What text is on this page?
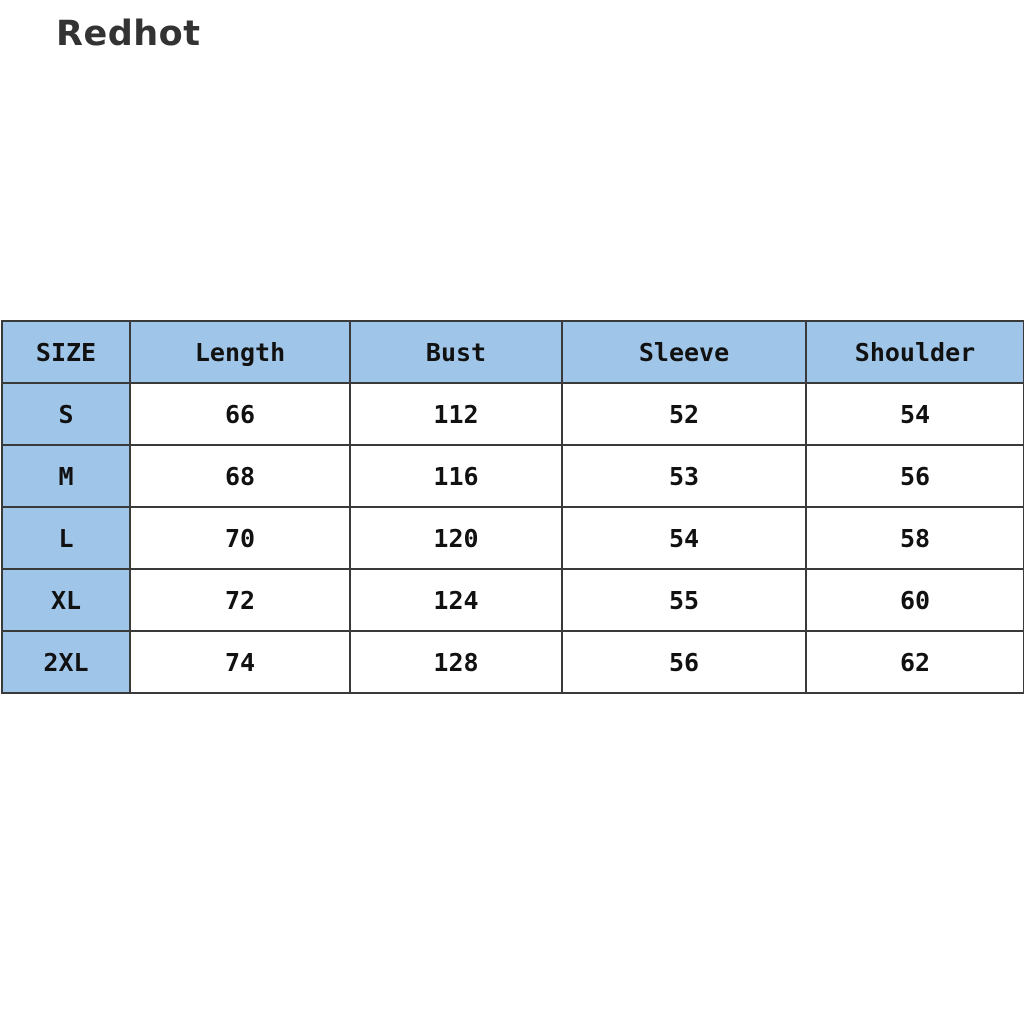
Redhot
SIZE	Length	Bust	Sleeve	Shoulder
S	66	112	52	54
M	68	116	53	56
L	70	120	54	58
XL	72	124	55	60
2XL	74	128	56	62
